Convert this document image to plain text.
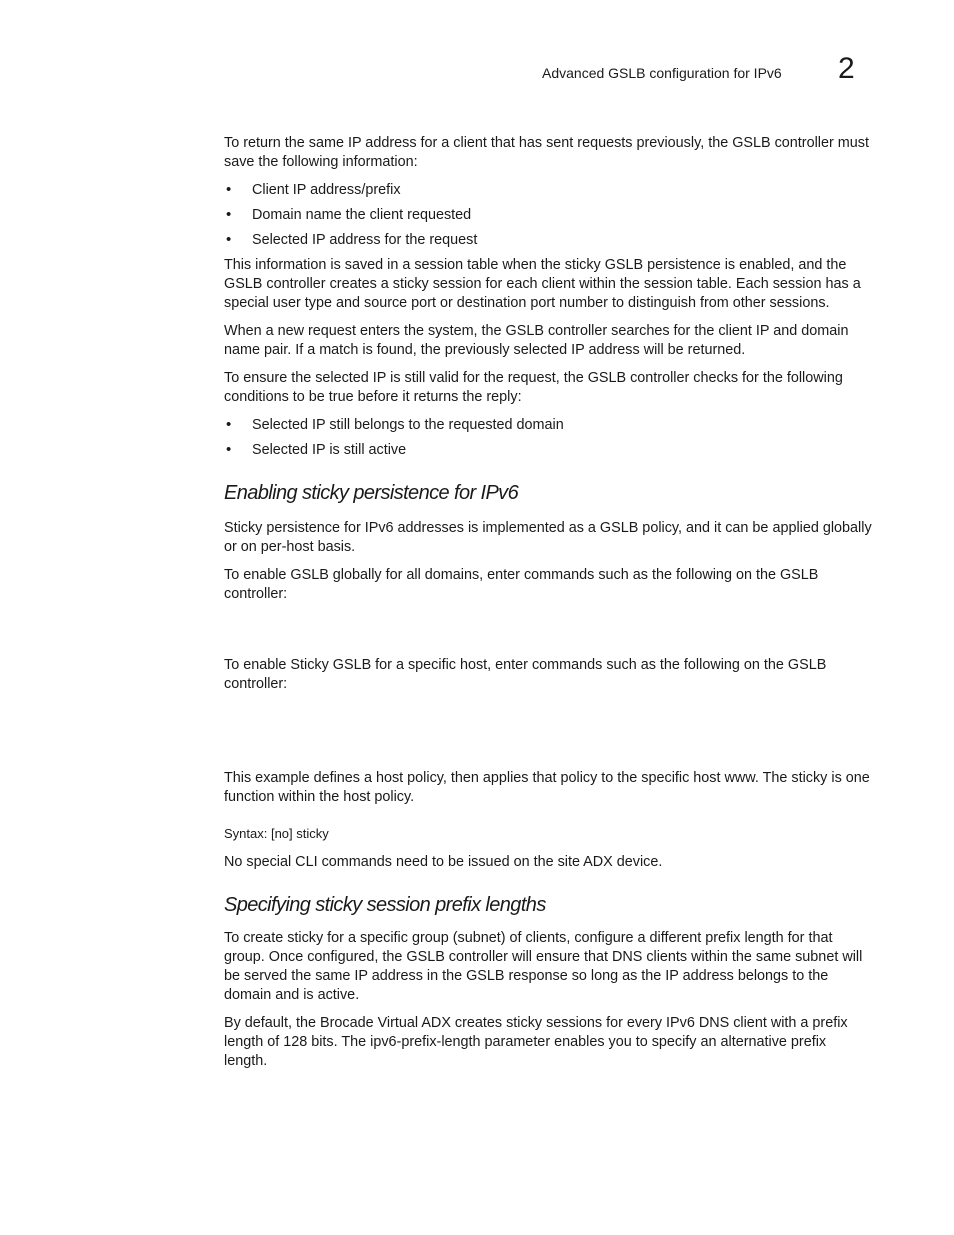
Advanced GSLB configuration for IPv6 2

To return the same IP address for a client that has sent requests previously, the GSLB controller must save the following information:

• Client IP address/prefix
• Domain name the client requested
• Selected IP address for the request

This information is saved in a session table when the sticky GSLB persistence is enabled, and the GSLB controller creates a sticky session for each client within the session table. Each session has a special user type and source port or destination port number to distinguish from other sessions.

When a new request enters the system, the GSLB controller searches for the client IP and domain name pair. If a match is found, the previously selected IP address will be returned.

To ensure the selected IP is still valid for the request, the GSLB controller checks for the following conditions to be true before it returns the reply:

• Selected IP still belongs to the requested domain
• Selected IP is still active
Enabling sticky persistence for IPv6

Sticky persistence for IPv6 addresses is implemented as a GSLB policy, and it can be applied globally or on per-host basis.

To enable GSLB globally for all domains, enter commands such as the following on the GSLB controller:

To enable Sticky GSLB for a specific host, enter commands such as the following on the GSLB controller:

This example defines a host policy, then applies that policy to the specific host www. The sticky is one function within the host policy.

Syntax: [no] sticky

No special CLI commands need to be issued on the site ADX device.

Specifying sticky session prefix lengths

To create sticky for a specific group (subnet) of clients, configure a different prefix length for that group. Once configured, the GSLB controller will ensure that DNS clients within the same subnet will be served the same IP address in the GSLB response so long as the IP address belongs to the domain and is active.

By default, the Brocade Virtual ADX creates sticky sessions for every IPv6 DNS client with a prefix length of 128 bits. The ipv6-prefix-length parameter enables you to specify an alternative prefix length.
